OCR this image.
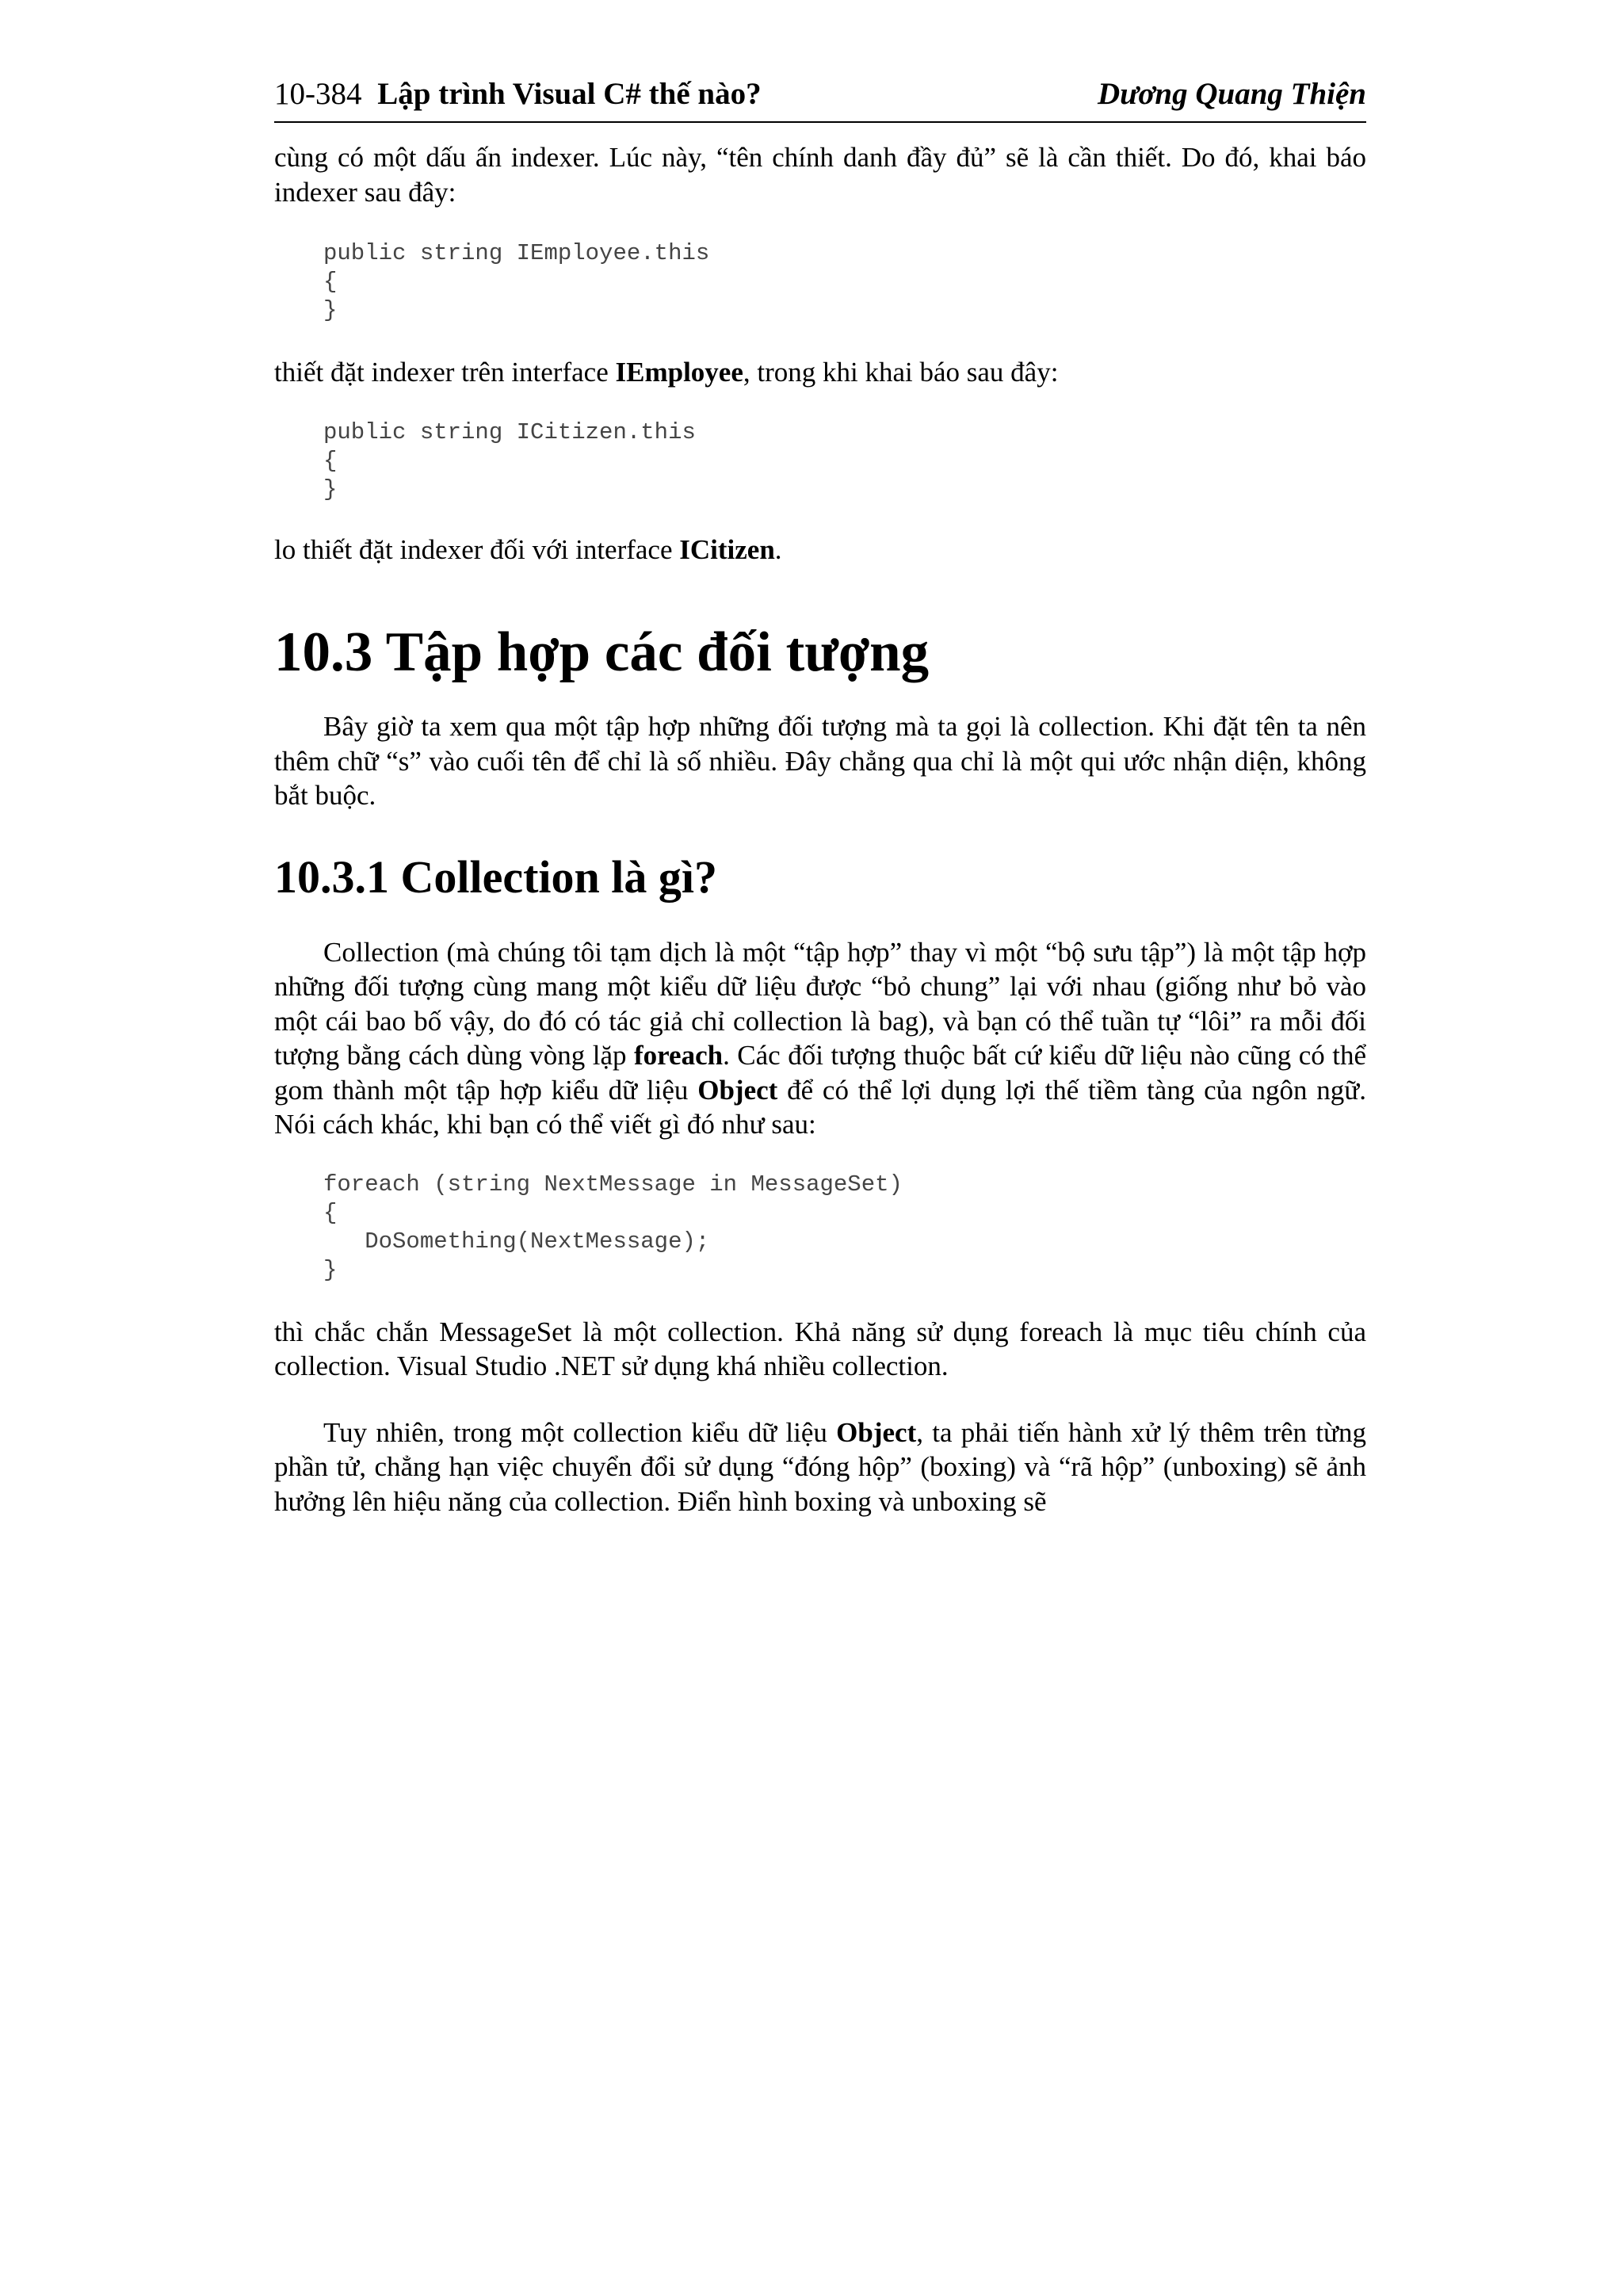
10-384 Lập trình Visual C# thế nào?	Dương Quang Thiện

cùng có một dấu ấn indexer. Lúc này, “tên chính danh đầy đủ” sẽ là cần thiết. Do đó, khai báo indexer sau đây:

public string IEmployee.this
{
}

thiết đặt indexer trên interface IEmployee, trong khi khai báo sau đây:

public string ICitizen.this
{
}

lo thiết đặt indexer đối với interface ICitizen.

10.3 Tập hợp các đối tượng

Bây giờ ta xem qua một tập hợp những đối tượng mà ta gọi là collection. Khi đặt tên ta nên thêm chữ “s” vào cuối tên để chỉ là số nhiều. Đây chẳng qua chỉ là một qui ước nhận diện, không bắt buộc.

10.3.1 Collection là gì?

Collection (mà chúng tôi tạm dịch là một “tập hợp” thay vì một “bộ sưu tập”) là một tập hợp những đối tượng cùng mang một kiểu dữ liệu được “bỏ chung” lại với nhau (giống như bỏ vào một cái bao bố vậy, do đó có tác giả chỉ collection là bag), và bạn có thể tuần tự “lôi” ra mỗi đối tượng bằng cách dùng vòng lặp foreach. Các đối tượng thuộc bất cứ kiểu dữ liệu nào cũng có thể gom thành một tập hợp kiểu dữ liệu Object để có thể lợi dụng lợi thế tiềm tàng của ngôn ngữ. Nói cách khác, khi bạn có thể viết gì đó như sau:

foreach (string NextMessage in MessageSet)
{
DoSomething(NextMessage);
}

thì chắc chắn MessageSet là một collection. Khả năng sử dụng foreach là mục tiêu chính của collection. Visual Studio .NET sử dụng khá nhiều collection.

Tuy nhiên, trong một collection kiểu dữ liệu Object, ta phải tiến hành xử lý thêm trên từng phần tử, chẳng hạn việc chuyển đổi sử dụng “đóng hộp” (boxing) và “rã hộp” (unboxing) sẽ ảnh hưởng lên hiệu năng của collection. Điển hình boxing và unboxing sẽ
